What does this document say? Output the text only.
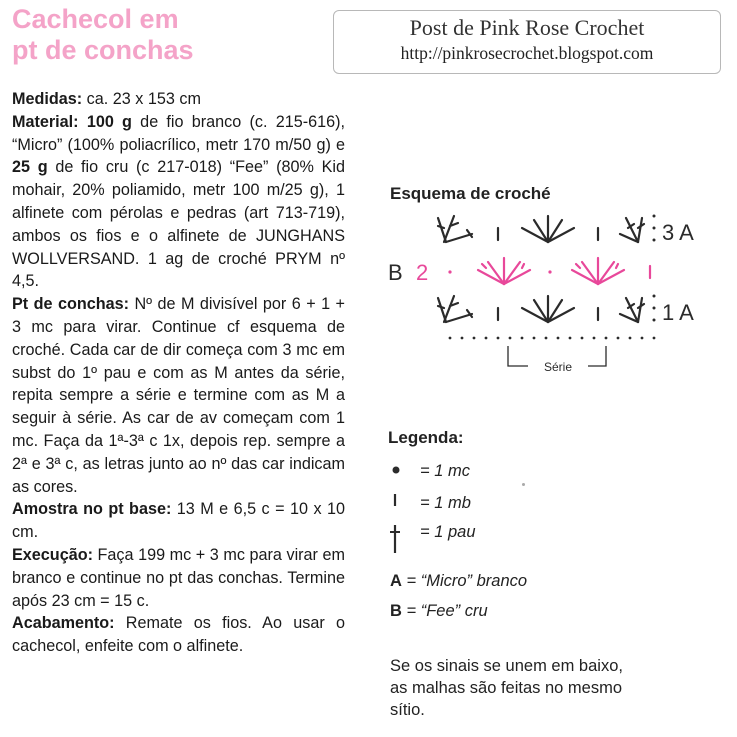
Cachecol em
pt de conchas
Post de Pink Rose Crochet
http://pinkrosecrochet.blogspot.com

Medidas: ca. 23 x 153 cm

Material: 100 g de fio branco (c. 215-616), “Micro” (100% poliacrílico, metr 170 m/50 g) e 25 g de fio cru (c 217-018) “Fee” (80% Kid mohair, 20% poliamido, metr 100 m/25 g), 1 alfinete com pérolas e pedras (art 713-719), ambos os fios e o alfinete de JUNGHANS WOLLVERSAND. 1 ag de croché PRYM nº 4,5.

Pt de conchas: Nº de M divisível por 6 + 1 + 3 mc para virar. Continue cf esquema de croché. Cada car de dir começa com 3 mc em subst do 1º pau e com as M antes da série, repita sempre a série e termine com as M a seguir à série. As car de av começam com 1 mc. Faça da 1ª-3ª c 1x, depois rep. sempre a 2ª e 3ª c, as letras junto ao nº das car indicam as cores.

Amostra no pt base: 13 M e 6,5 c = 10 x 10 cm.

Execução: Faça 199 mc + 3 mc para virar em branco e continue no pt das conchas. Termine após 23 cm = 15 c.

Acabamento: Remate os fios. Ao usar o cachecol, enfeite com o alfinete.

Esquema de croché
Série
3 A
B 2
1 A
Legenda:
= 1 mc
= 1 mb
= 1 pau
A = “Micro” branco
B = “Fee” cru
Se os sinais se unem em baixo, as malhas são feitas no mesmo sítio.
